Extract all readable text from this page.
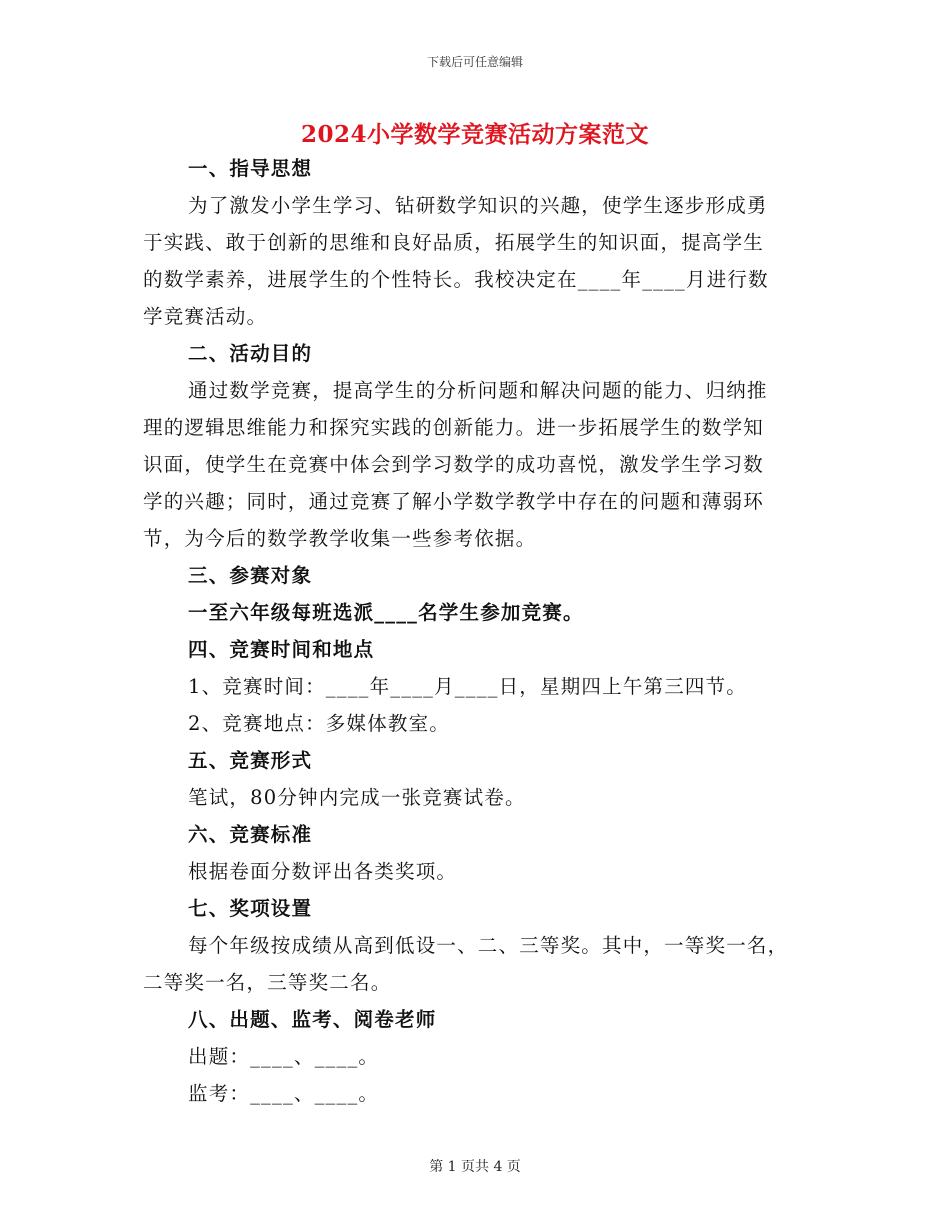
下载后可任意编辑
2024小学数学竞赛活动方案范文
一、指导思想
为了激发小学生学习、钻研数学知识的兴趣，使学生逐步形成勇
于实践、敢于创新的思维和良好品质，拓展学生的知识面，提高学生
的数学素养，进展学生的个性特长。我校决定在____年____月进行数
学竞赛活动。
二、活动目的
通过数学竞赛，提高学生的分析问题和解决问题的能力、归纳推
理的逻辑思维能力和探究实践的创新能力。进一步拓展学生的数学知
识面，使学生在竞赛中体会到学习数学的成功喜悦，激发学生学习数
学的兴趣；同时，通过竞赛了解小学数学教学中存在的问题和薄弱环
节，为今后的数学教学收集一些参考依据。
三、参赛对象
一至六年级每班选派____名学生参加竞赛。
四、竞赛时间和地点
1、竞赛时间：____年____月____日，星期四上午第三四节。
2、竞赛地点：多媒体教室。
五、竞赛形式
笔试，80分钟内完成一张竞赛试卷。
六、竞赛标准
根据卷面分数评出各类奖项。
七、奖项设置
每个年级按成绩从高到低设一、二、三等奖。其中，一等奖一名，
二等奖一名，三等奖二名。
八、出题、监考、阅卷老师
出题：____、____。
监考：____、____。
第 1 页共 4 页
